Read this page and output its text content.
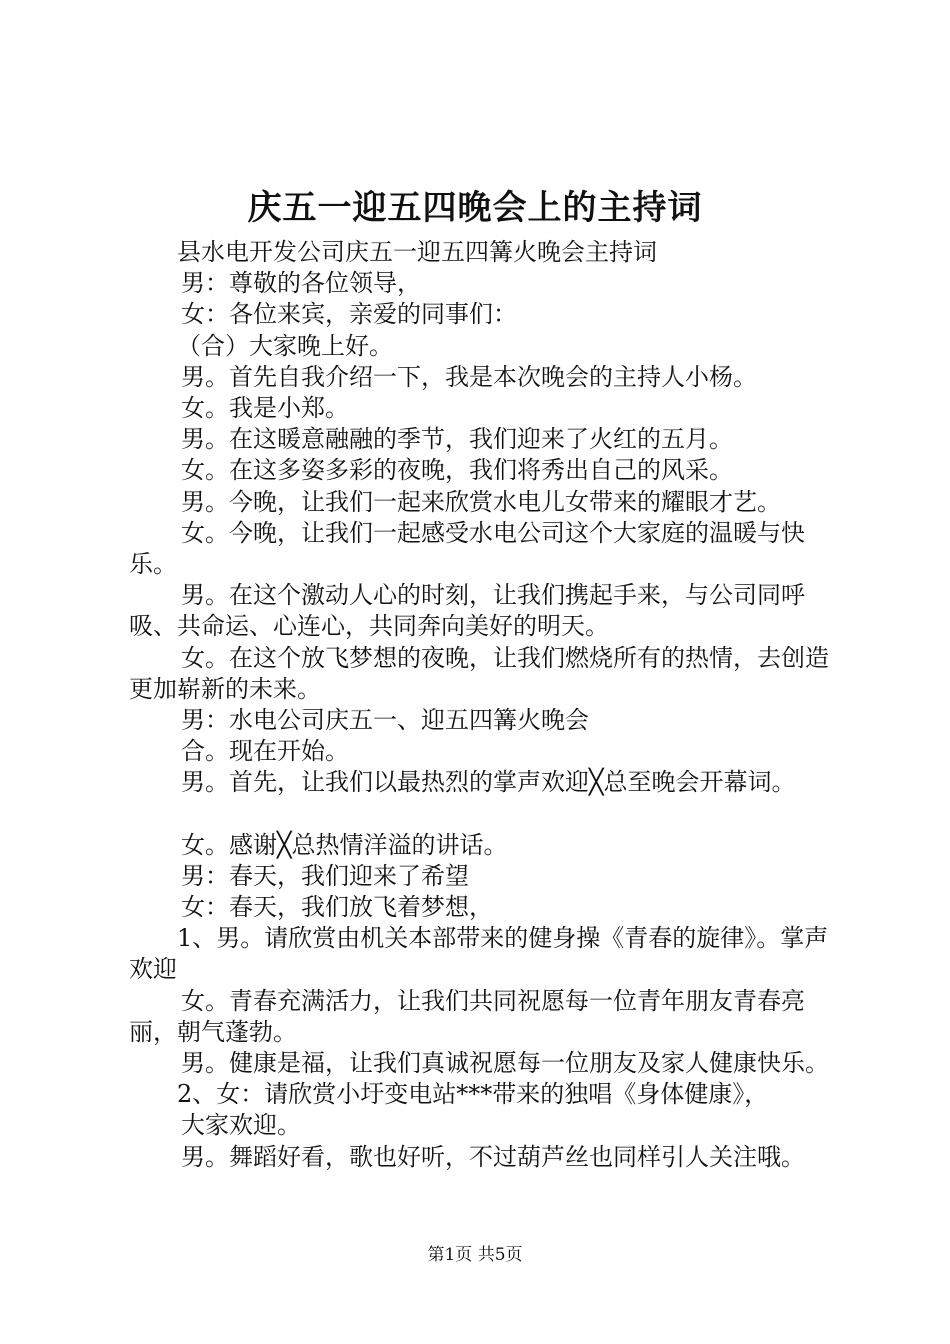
庆五一迎五四晚会上的主持词
县水电开发公司庆五一迎五四篝火晚会主持词
男：尊敬的各位领导，
女：各位来宾，亲爱的同事们：
（合）大家晚上好。
男。首先自我介绍一下，我是本次晚会的主持人小杨。
女。我是小郑。
男。在这暖意融融的季节，我们迎来了火红的五月。
女。在这多姿多彩的夜晚，我们将秀出自己的风采。
男。今晚，让我们一起来欣赏水电儿女带来的耀眼才艺。
女。今晚，让我们一起感受水电公司这个大家庭的温暖与快乐。
男。在这个激动人心的时刻，让我们携起手来，与公司同呼吸、共命运、心连心，共同奔向美好的明天。
女。在这个放飞梦想的夜晚，让我们燃烧所有的热情，去创造更加崭新的未来。
男：水电公司庆五一、迎五四篝火晚会
合。现在开始。
男。首先，让我们以最热烈的掌声欢迎╳总至晚会开幕词。
女。感谢╳总热情洋溢的讲话。
男：春天，我们迎来了希望
女：春天，我们放飞着梦想，
1、男。请欣赏由机关本部带来的健身操《青春的旋律》。掌声欢迎
女。青春充满活力，让我们共同祝愿每一位青年朋友青春亮丽，朝气蓬勃。
男。健康是福，让我们真诚祝愿每一位朋友及家人健康快乐。
2、女：请欣赏小圩变电站***带来的独唱《身体健康》，
大家欢迎。
男。舞蹈好看，歌也好听，不过葫芦丝也同样引人关注哦。
第1页 共5页
